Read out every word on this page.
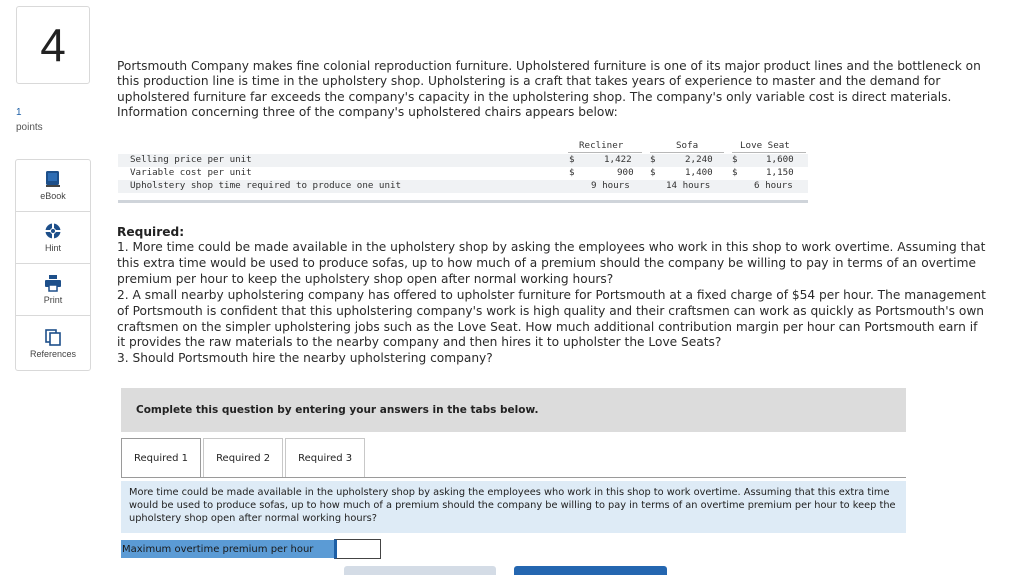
4
1
points
eBook
Hint
Print
References
Portsmouth Company makes fine colonial reproduction furniture. Upholstered furniture is one of its major product lines and the bottleneck on this production line is time in the upholstery shop. Upholstering is a craft that takes years of experience to master and the demand for upholstered furniture far exceeds the company's capacity in the upholstering shop. The company's only variable cost is direct materials. Information concerning three of the company's upholstered chairs appears below:
Recliner	Sofa	Love Seat
Selling price per unit	$	1,422 $	2,240 $	1,600
Variable cost per unit	$	900 $	1,400 $	1,150
Upholstery shop time required to produce one unit	9 hours	14 hours	6 hours
Required:
1. More time could be made available in the upholstery shop by asking the employees who work in this shop to work overtime. Assuming that this extra time would be used to produce sofas, up to how much of a premium should the company be willing to pay in terms of an overtime premium per hour to keep the upholstery shop open after normal working hours?
2. A small nearby upholstering company has offered to upholster furniture for Portsmouth at a fixed charge of $54 per hour. The management of Portsmouth is confident that this upholstering company's work is high quality and their craftsmen can work as quickly as Portsmouth's own craftsmen on the simpler upholstering jobs such as the Love Seat. How much additional contribution margin per hour can Portsmouth earn if it provides the raw materials to the nearby company and then hires it to upholster the Love Seats?
3. Should Portsmouth hire the nearby upholstering company?
Complete this question by entering your answers in the tabs below.
Required 1	Required 2	Required 3
More time could be made available in the upholstery shop by asking the employees who work in this shop to work overtime. Assuming that this extra time would be used to produce sofas, up to how much of a premium should the company be willing to pay in terms of an overtime premium per hour to keep the upholstery shop open after normal working hours?
Maximum overtime premium per hour
